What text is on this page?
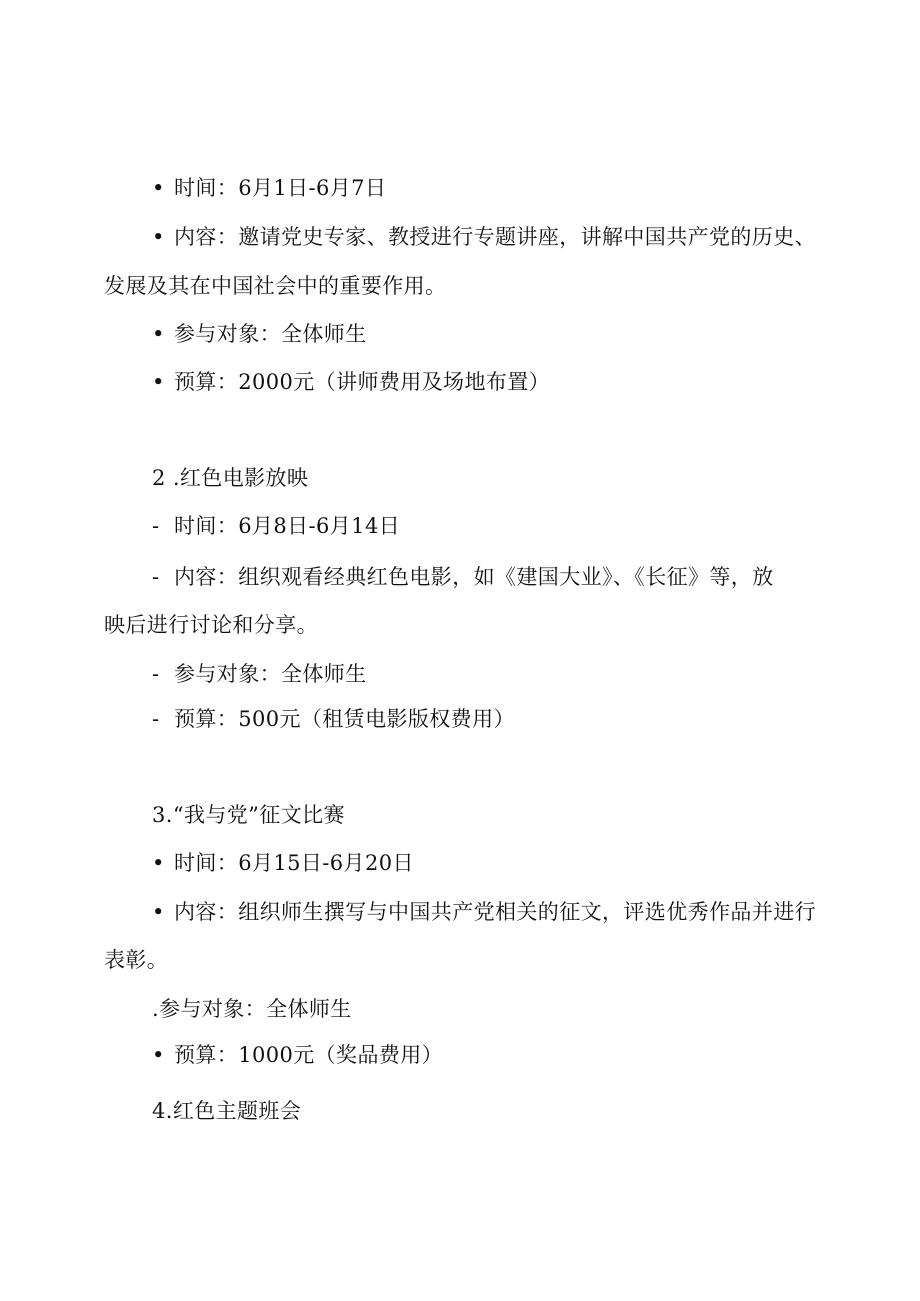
• 时间：6月1日-6月7日
• 内容：邀请党史专家、教授进行专题讲座，讲解中国共产党的历史、
发展及其在中国社会中的重要作用。
• 参与对象：全体师生
• 预算：2000元（讲师费用及场地布置）
2 .红色电影放映
- 时间：6月8日-6月14日
- 内容：组织观看经典红色电影，如《建国大业》、《长征》等，放
映后进行讨论和分享。
- 参与对象：全体师生
- 预算：500元（租赁电影版权费用）
3.“我与党”征文比赛
• 时间：6月15日-6月20日
• 内容：组织师生撰写与中国共产党相关的征文，评选优秀作品并进行
表彰。
.参与对象：全体师生
• 预算：1000元（奖品费用）
4.红色主题班会
